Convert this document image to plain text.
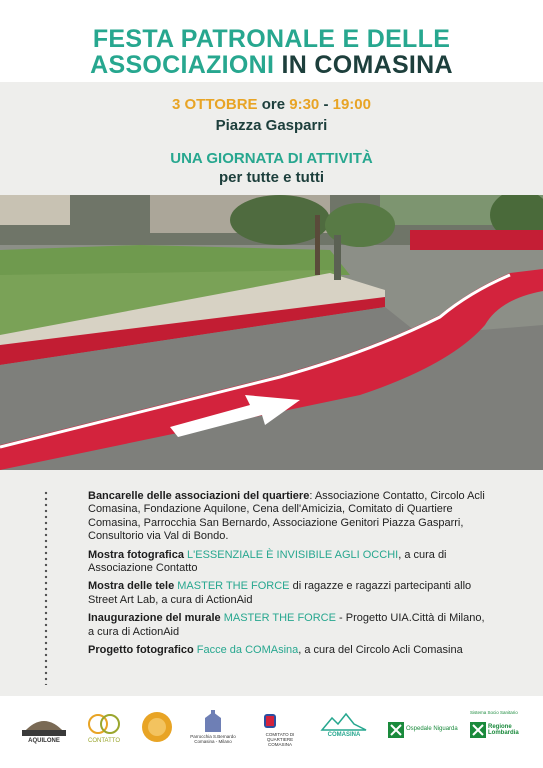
FESTA PATRONALE E DELLE
ASSOCIAZIONI IN COMASINA
3 OTTOBRE ore 9:30 - 19:00
Piazza Gasparri
UNA GIORNATA DI ATTIVITÀ
per tutte e tutti
Bancarelle delle associazioni del quartiere: Associazione Contatto, Circolo Acli Comasina, Fondazione Aquilone, Cena dell'Amicizia, Comitato di Quartiere Comasina, Parrocchia San Bernardo, Associazione Genitori Piazza Gasparri, Consultorio via Val di Bondo.
Mostra fotografica L'ESSENZIALE È INVISIBILE AGLI OCCHI, a cura di Associazione Contatto
Mostra delle tele MASTER THE FORCE di ragazze e ragazzi partecipanti allo Street Art Lab, a cura di ActionAid
Inaugurazione del murale MASTER THE FORCE - Progetto UIA.Città di Milano, a cura di ActionAid
Progetto fotografico Facce da COMAsina, a cura del Circolo Acli Comasina
AQUILONE	CONTATTO
Parrocchia S.Bernardo Comasina - Milano
COMITATO DI QUARTIERE COMASINA
COMASINA
Ospedale Niguarda
Sistema Socio Sanitario
Regione Lombardia
